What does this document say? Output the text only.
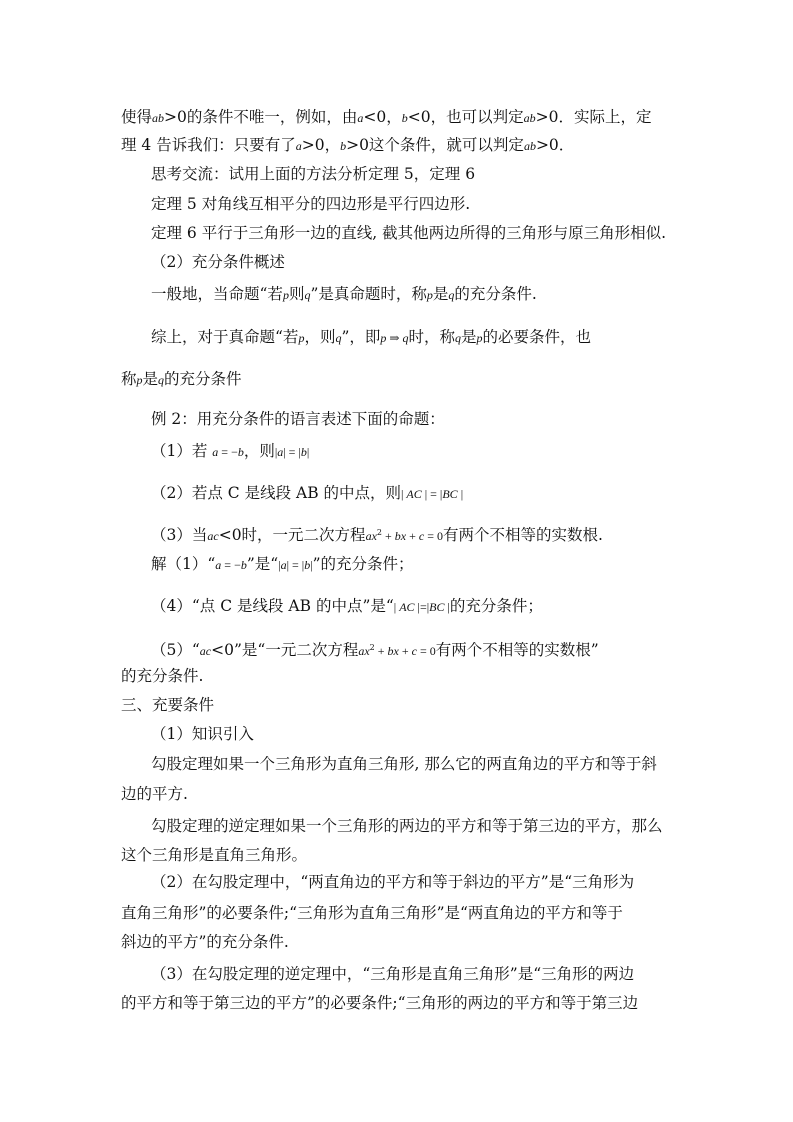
使得ab>0的条件不唯一，例如，由a<0，b<0，也可以判定ab>0．实际上，定
理 4 告诉我们：只要有了a>0，b>0这个条件，就可以判定ab>0．
思考交流：试用上面的方法分析定理 5，定理 6
定理 5 对角线互相平分的四边形是平行四边形.
定理 6 平行于三角形一边的直线, 截其他两边所得的三角形与原三角形相似.
（2）充分条件概述
一般地，当命题“若p则q”是真命题时，称p是q的充分条件.
综上，对于真命题“若p，则q”，即p ⇒ q时，称q是p的必要条件，也
称p是q的充分条件
例 2：用充分条件的语言表述下面的命题：
（1）若 a = −b，则|a| = |b|
（2）若点 C 是线段 AB 的中点，则| AC | = |BC |
（3）当ac<0时，一元二次方程$ax^2$ + bx + c = 0有两个不相等的实数根.
解（1）“a = −b”是“|a| = |b|”的充分条件；
（4）“点 C 是线段 AB 的中点”是“| AC |=|BC |的充分条件；
（5）“ac<0”是“一元二次方程$ax^2$ + bx + c = 0有两个不相等的实数根”
的充分条件.
三、充要条件
（1）知识引入
勾股定理如果一个三角形为直角三角形, 那么它的两直角边的平方和等于斜
边的平方.
勾股定理的逆定理如果一个三角形的两边的平方和等于第三边的平方，那么
这个三角形是直角三角形。
（2）在勾股定理中，“两直角边的平方和等于斜边的平方”是“三角形为
直角三角形”的必要条件;“三角形为直角三角形”是“两直角边的平方和等于
斜边的平方”的充分条件.
（3）在勾股定理的逆定理中，“三角形是直角三角形”是“三角形的两边
的平方和等于第三边的平方”的必要条件;“三角形的两边的平方和等于第三边
